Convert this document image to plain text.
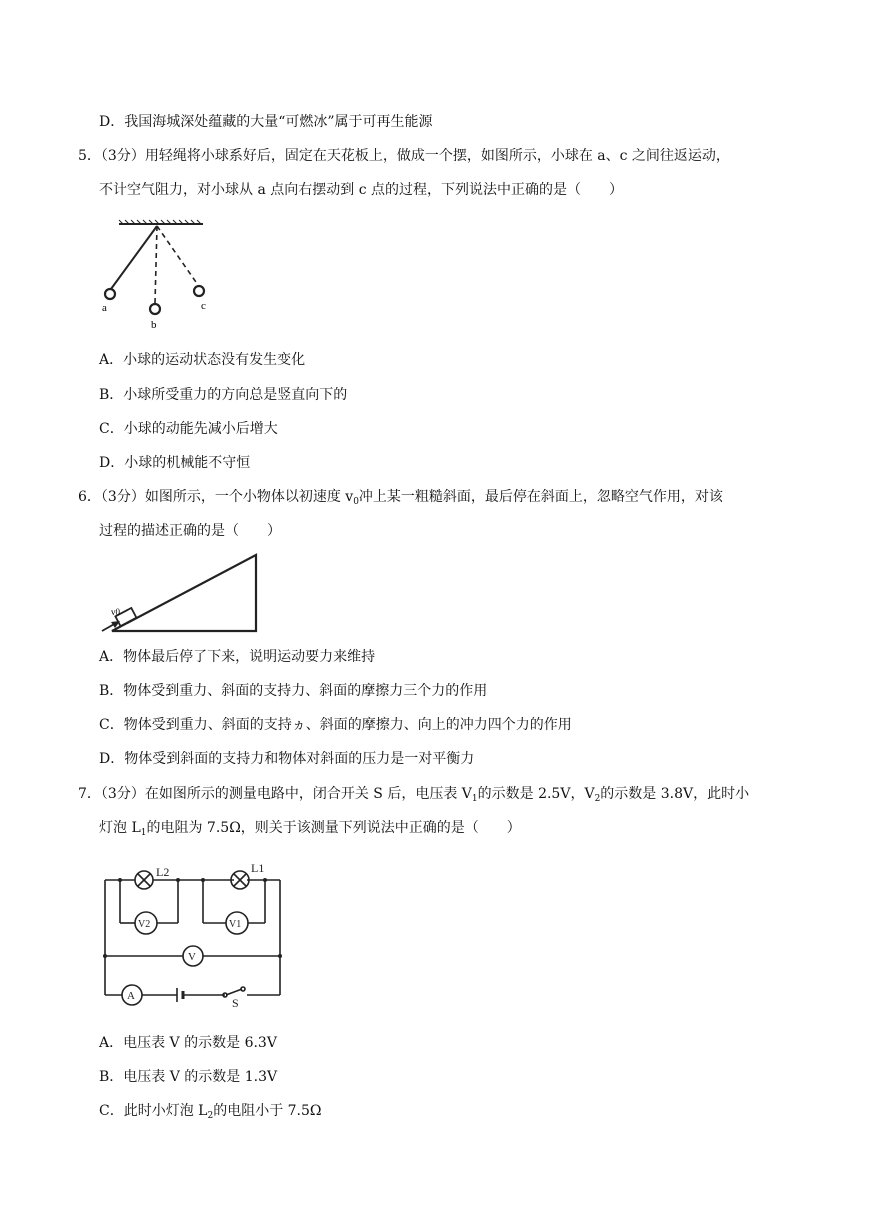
D．我国海城深处蕴藏的大量“可燃冰”属于可再生能源
5．（3分）用轻绳将小球系好后，固定在天花板上，做成一个摆，如图所示，小球在 a、c 之间往返运动，
不计空气阻力，对小球从 a 点向右摆动到 c 点的过程，下列说法中正确的是（　　）
a
b
c
A．小球的运动状态没有发生变化
B．小球所受重力的方向总是竖直向下的
C．小球的动能先减小后增大
D．小球的机械能不守恒
6．（3分）如图所示，一个小物体以初速度 $v_0$冲上某一粗糙斜面，最后停在斜面上，忽略空气作用，对该
过程的描述正确的是（　　）
v0
A．物体最后停了下来，说明运动要力来维持
B．物体受到重力、斜面的支持力、斜面的摩擦力三个力的作用
C．物体受到重力、斜面的支持ヵ、斜面的摩擦力、向上的冲力四个力的作用
D．物体受到斜面的支持力和物体对斜面的压力是一对平衡力
7．（3分）在如图所示的测量电路中，闭合开关 S 后，电压表 $V_1$的示数是 2.5V，$V_2$的示数是 3.8V，此时小
灯泡 $L_1$的电阻为 7.5Ω，则关于该测量下列说法中正确的是（　　）
L2	L1
V2	V1
V
A	S
A．电压表 V 的示数是 6.3V
B．电压表 V 的示数是 1.3V
C．此时小灯泡 $L_2$的电阻小于 7.5Ω
